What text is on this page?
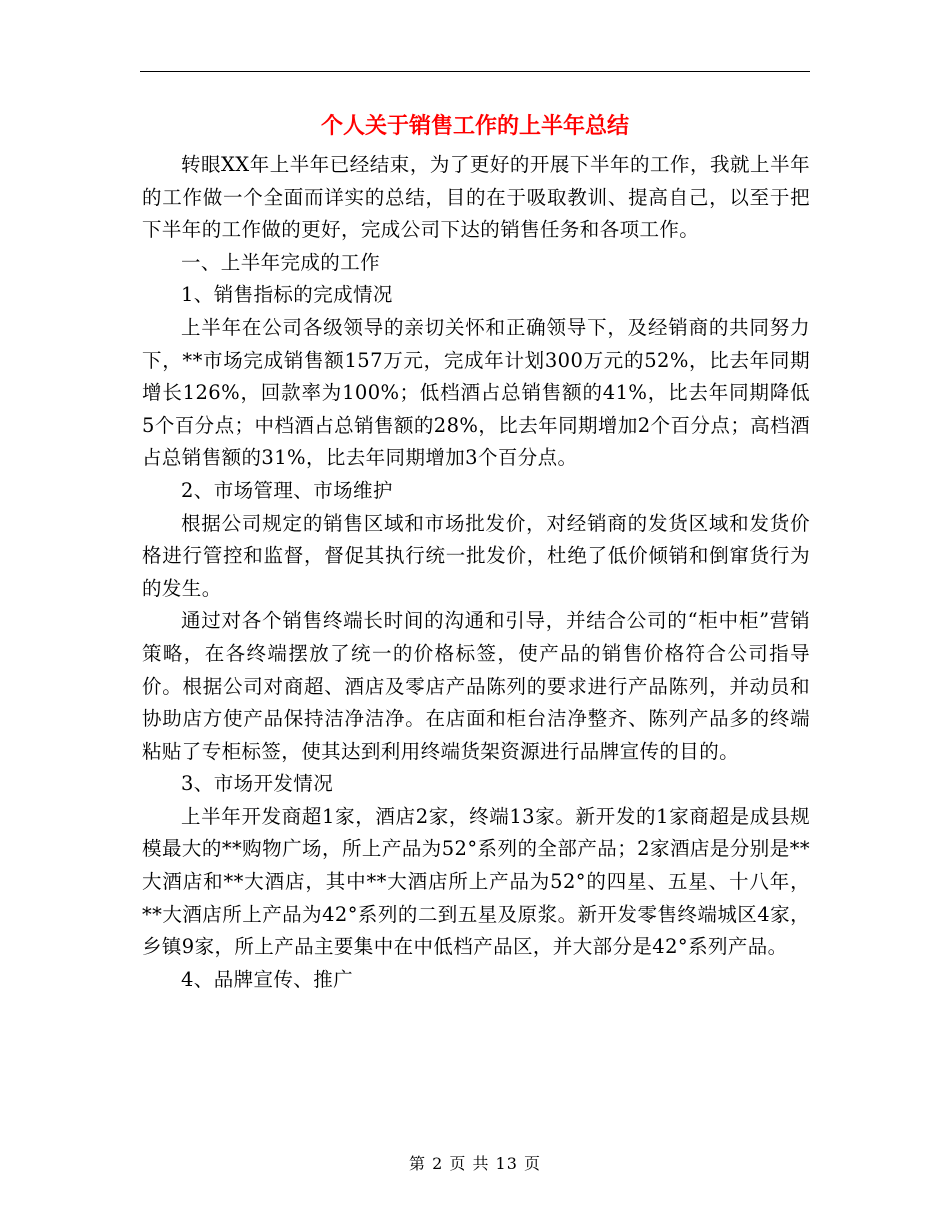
个人关于销售工作的上半年总结

转眼XX年上半年已经结束，为了更好的开展下半年的工作，我就上半年的工作做一个全面而详实的总结，目的在于吸取教训、提高自己，以至于把下半年的工作做的更好，完成公司下达的销售任务和各项工作。

一、上半年完成的工作

1、销售指标的完成情况

上半年在公司各级领导的亲切关怀和正确领导下，及经销商的共同努力下，**市场完成销售额157万元，完成年计划300万元的52%，比去年同期增长126%，回款率为100%；低档酒占总销售额的41%，比去年同期降低5个百分点；中档酒占总销售额的28%，比去年同期增加2个百分点；高档酒占总销售额的31%，比去年同期增加3个百分点。

2、市场管理、市场维护

根据公司规定的销售区域和市场批发价，对经销商的发货区域和发货价格进行管控和监督，督促其执行统一批发价，杜绝了低价倾销和倒窜货行为的发生。

通过对各个销售终端长时间的沟通和引导，并结合公司的“柜中柜”营销策略，在各终端摆放了统一的价格标签，使产品的销售价格符合公司指导价。根据公司对商超、酒店及零店产品陈列的要求进行产品陈列，并动员和协助店方使产品保持洁净洁净。在店面和柜台洁净整齐、陈列产品多的终端粘贴了专柜标签，使其达到利用终端货架资源进行品牌宣传的目的。

3、市场开发情况

上半年开发商超1家，酒店2家，终端13家。新开发的1家商超是成县规模最大的**购物广场，所上产品为52°系列的全部产品；2家酒店是分别是**大酒店和**大酒店，其中**大酒店所上产品为52°的四星、五星、十八年，**大酒店所上产品为42°系列的二到五星及原浆。新开发零售终端城区4家，乡镇9家，所上产品主要集中在中低档产品区，并大部分是42°系列产品。

4、品牌宣传、推广

第 2 页 共 13 页
